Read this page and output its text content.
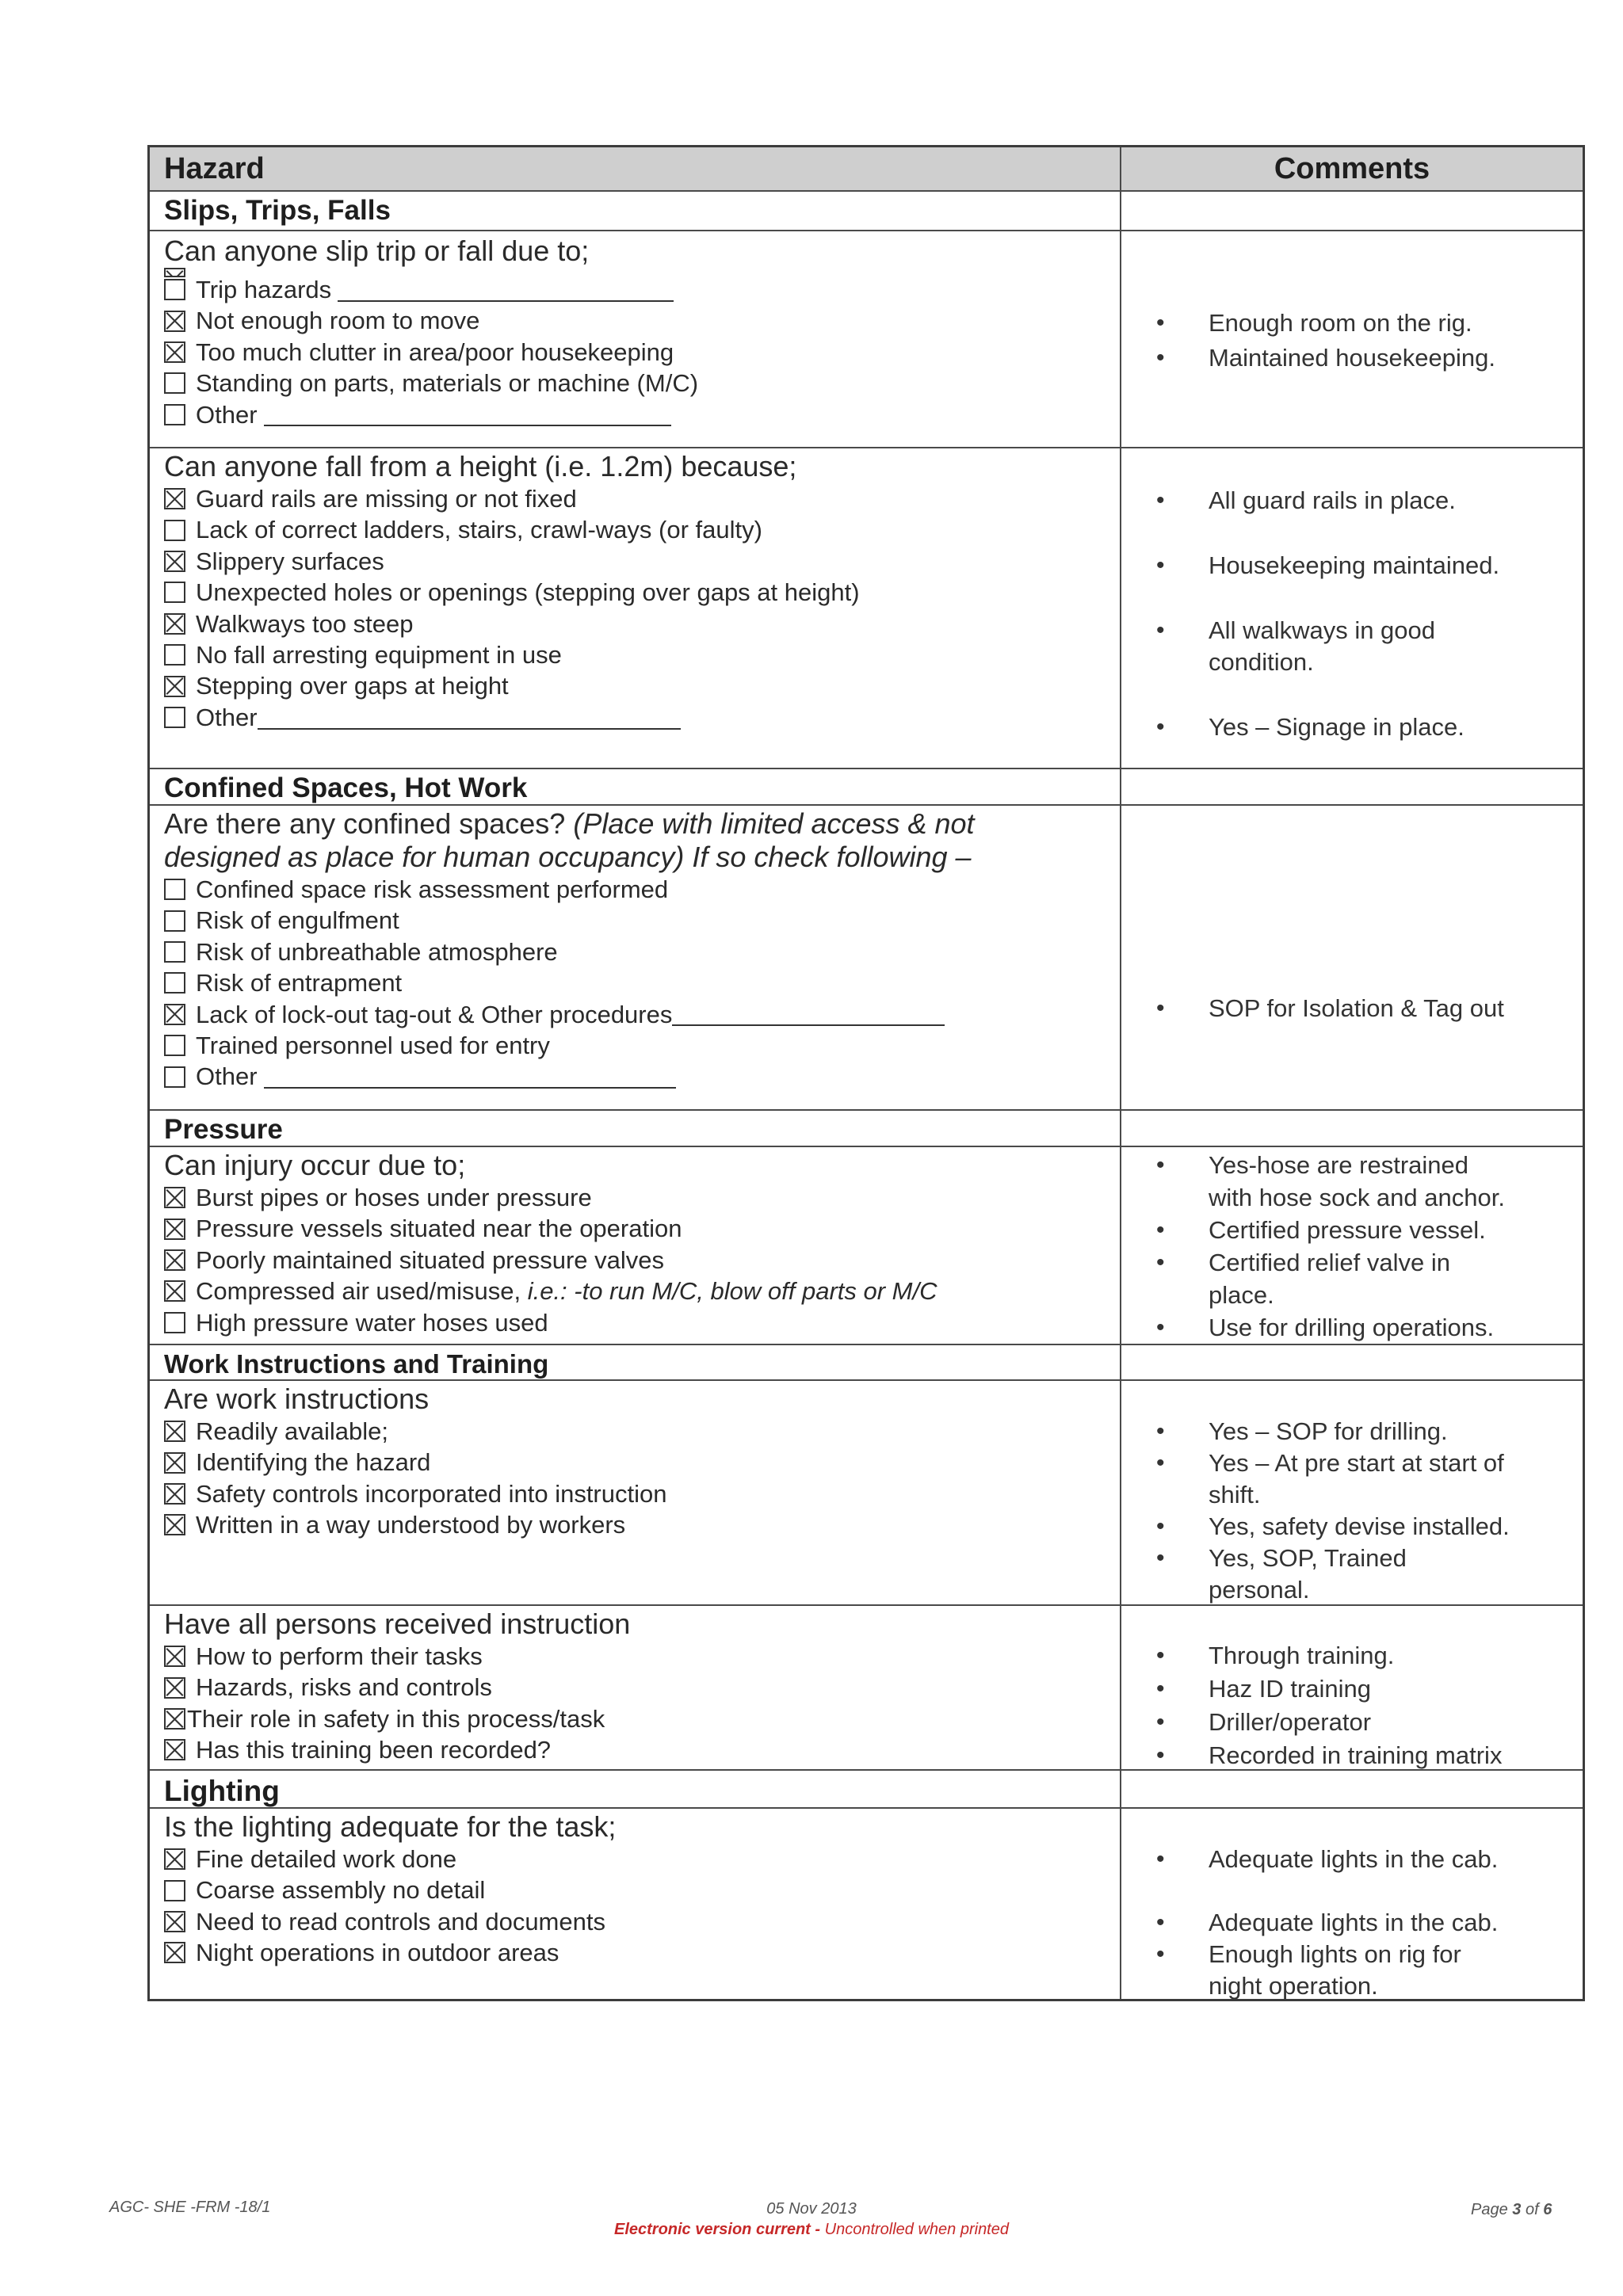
Hazard	Comments
Slips, Trips, Falls
Can anyone slip trip or fall due to;
Trip hazards
Not enough room to move
Too much clutter in area/poor housekeeping
Standing on parts, materials or machine (M/C)
Other
• Enough room on the rig.
• Maintained housekeeping.
Can anyone fall from a height (i.e. 1.2m) because;
Guard rails are missing or not fixed
Lack of correct ladders, stairs, crawl-ways (or faulty)
Slippery surfaces
Unexpected holes or openings (stepping over gaps at height)
Walkways too steep
No fall arresting equipment in use
Stepping over gaps at height
Other
• All guard rails in place.
• Housekeeping maintained.
• All walkways in good
condition.
• Yes – Signage in place.
Confined Spaces, Hot Work
Are there any confined spaces? (Place with limited access & not
designed as place for human occupancy) If so check following –
Confined space risk assessment performed
Risk of engulfment
Risk of unbreathable atmosphere
Risk of entrapment
Lack of lock-out tag-out & Other procedures
Trained personnel used for entry
Other
• SOP for Isolation & Tag out
Pressure
Can injury occur due to;
Burst pipes or hoses under pressure
Pressure vessels situated near the operation
Poorly maintained situated pressure valves
Compressed air used/misuse,
i.e.: -to run M/C, blow off parts or M/C
High pressure water hoses used
• Yes-hose are restrained
with hose sock and anchor.
• Certified pressure vessel.
• Certified relief valve in
place.
• Use for drilling operations.
Work Instructions and Training
Are work instructions
Readily available;
Identifying the hazard
Safety controls incorporated into instruction
Written in a way understood by workers
• Yes – SOP for drilling.
• Yes – At pre start at start of
shift.
• Yes, safety devise installed.
• Yes, SOP, Trained
personal.
Have all persons received instruction
How to perform their tasks
Hazards, risks and controls
Their role in safety in this process/task
Has this training been recorded?
• Through training.
• Haz ID training
• Driller/operator
• Recorded in training matrix
Lighting
Is the lighting adequate for the task;
Fine detailed work done
Coarse assembly no detail
Need to read controls and documents
Night operations in outdoor areas
• Adequate lights in the cab.
• Adequate lights in the cab.
• Enough lights on rig for
night operation.
AGC- SHE -FRM -18/1	05 Nov 2013
Electronic version current - Uncontrolled when printed
Page 3 of 6
